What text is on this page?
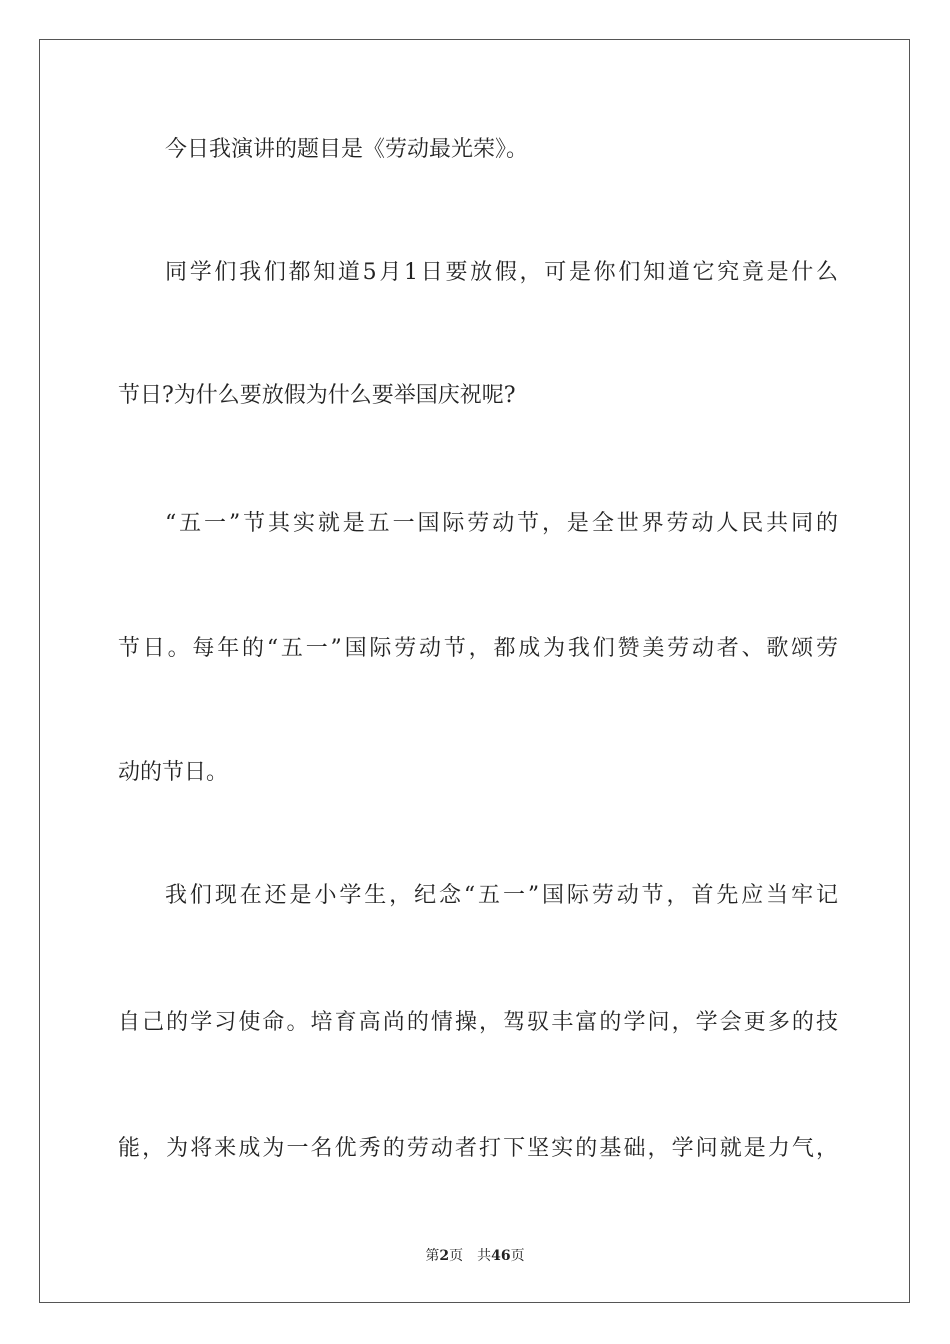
今日我演讲的题目是《劳动最光荣》。
同学们我们都知道5月1日要放假，可是你们知道它究竟是什么
节日?为什么要放假为什么要举国庆祝呢?
“五一”节其实就是五一国际劳动节，是全世界劳动人民共同的
节日。每年的“五一”国际劳动节，都成为我们赞美劳动者、歌颂劳
动的节日。
我们现在还是小学生，纪念“五一”国际劳动节，首先应当牢记
自己的学习使命。培育高尚的情操，驾驭丰富的学问，学会更多的技
能，为将来成为一名优秀的劳动者打下坚实的基础，学问就是力气，
第2页 共46页
